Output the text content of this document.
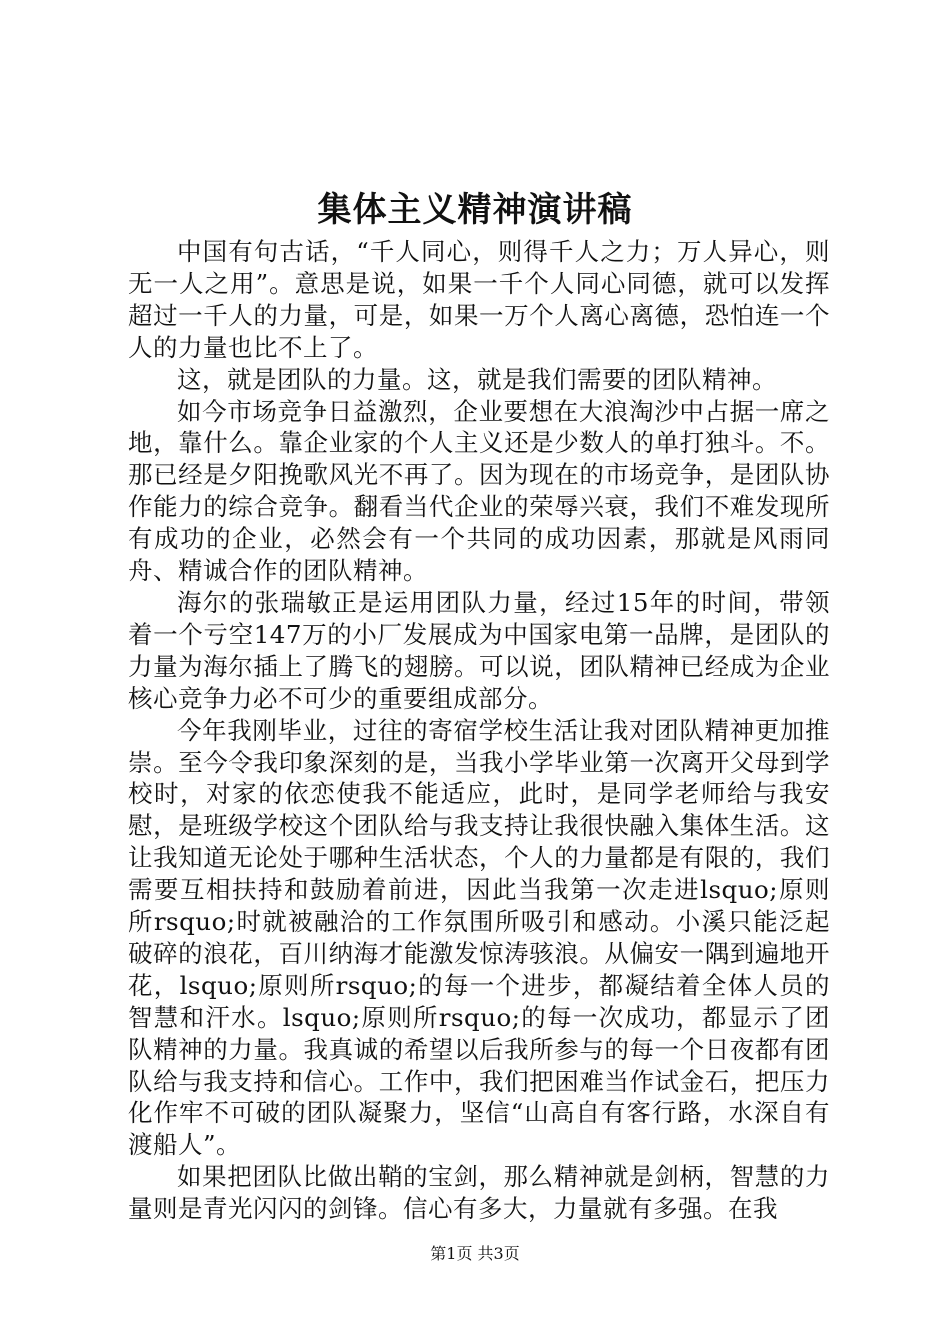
集体主义精神演讲稿

中国有句古话，“千人同心，则得千人之力；万人异心，则无一人之用”。意思是说，如果一千个人同心同德，就可以发挥超过一千人的力量，可是，如果一万个人离心离德，恐怕连一个人的力量也比不上了。

这，就是团队的力量。这，就是我们需要的团队精神。

如今市场竞争日益激烈，企业要想在大浪淘沙中占据一席之地，靠什么。靠企业家的个人主义还是少数人的单打独斗。不。那已经是夕阳挽歌风光不再了。因为现在的市场竞争，是团队协作能力的综合竞争。翻看当代企业的荣辱兴衰，我们不难发现所有成功的企业，必然会有一个共同的成功因素，那就是风雨同舟、精诚合作的团队精神。

海尔的张瑞敏正是运用团队力量，经过15年的时间，带领着一个亏空147万的小厂发展成为中国家电第一品牌，是团队的力量为海尔插上了腾飞的翅膀。可以说，团队精神已经成为企业核心竞争力必不可少的重要组成部分。

今年我刚毕业，过往的寄宿学校生活让我对团队精神更加推崇。至今令我印象深刻的是，当我小学毕业第一次离开父母到学校时，对家的依恋使我不能适应，此时，是同学老师给与我安慰，是班级学校这个团队给与我支持让我很快融入集体生活。这让我知道无论处于哪种生活状态，个人的力量都是有限的，我们需要互相扶持和鼓励着前进，因此当我第一次走进lsquo;原则所rsquo;时就被融洽的工作氛围所吸引和感动。小溪只能泛起破碎的浪花，百川纳海才能激发惊涛骇浪。从偏安一隅到遍地开花，lsquo;原则所rsquo;的每一个进步，都凝结着全体人员的智慧和汗水。lsquo;原则所rsquo;的每一次成功，都显示了团队精神的力量。我真诚的希望以后我所参与的每一个日夜都有团队给与我支持和信心。工作中，我们把困难当作试金石，把压力化作牢不可破的团队凝聚力，坚信“山高自有客行路，水深自有渡船人”。

如果把团队比做出鞘的宝剑，那么精神就是剑柄，智慧的力量则是青光闪闪的剑锋。信心有多大，力量就有多强。在我

第1页 共3页
